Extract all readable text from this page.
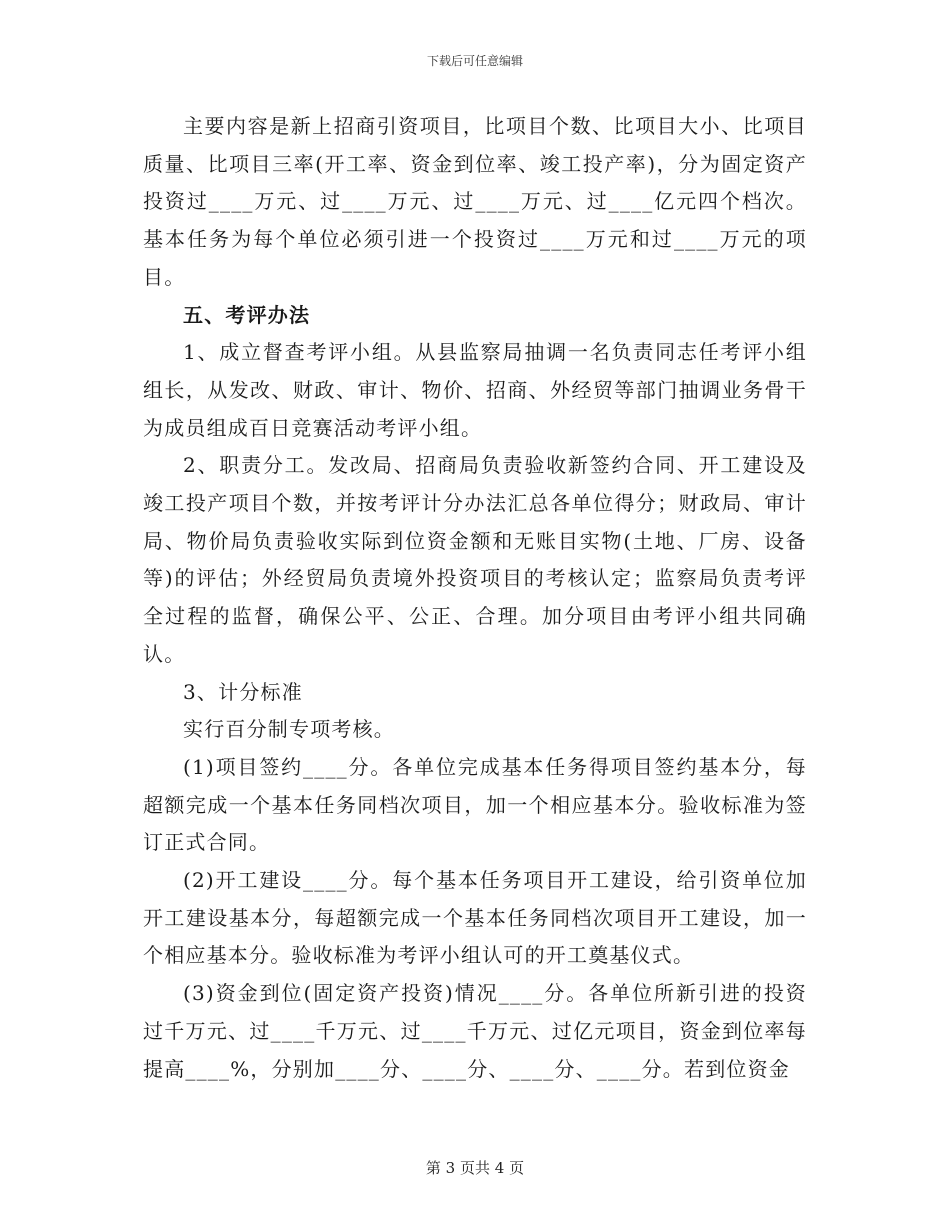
下载后可任意编辑

主要内容是新上招商引资项目，比项目个数、比项目大小、比项目质量、比项目三率(开工率、资金到位率、竣工投产率)，分为固定资产投资过____万元、过____万元、过____万元、过____亿元四个档次。基本任务为每个单位必须引进一个投资过____万元和过____万元的项目。

五、考评办法

1、成立督查考评小组。从县监察局抽调一名负责同志任考评小组组长，从发改、财政、审计、物价、招商、外经贸等部门抽调业务骨干为成员组成百日竞赛活动考评小组。

2、职责分工。发改局、招商局负责验收新签约合同、开工建设及竣工投产项目个数，并按考评计分办法汇总各单位得分；财政局、审计局、物价局负责验收实际到位资金额和无账目实物(土地、厂房、设备等)的评估；外经贸局负责境外投资项目的考核认定；监察局负责考评全过程的监督，确保公平、公正、合理。加分项目由考评小组共同确认。

3、计分标准

实行百分制专项考核。

(1)项目签约____分。各单位完成基本任务得项目签约基本分，每超额完成一个基本任务同档次项目，加一个相应基本分。验收标准为签订正式合同。

(2)开工建设____分。每个基本任务项目开工建设，给引资单位加开工建设基本分，每超额完成一个基本任务同档次项目开工建设，加一个相应基本分。验收标准为考评小组认可的开工奠基仪式。

(3)资金到位(固定资产投资)情况____分。各单位所新引进的投资过千万元、过____千万元、过____千万元、过亿元项目，资金到位率每提高____%，分别加____分、____分、____分、____分。若到位资金

第 3 页共 4 页
